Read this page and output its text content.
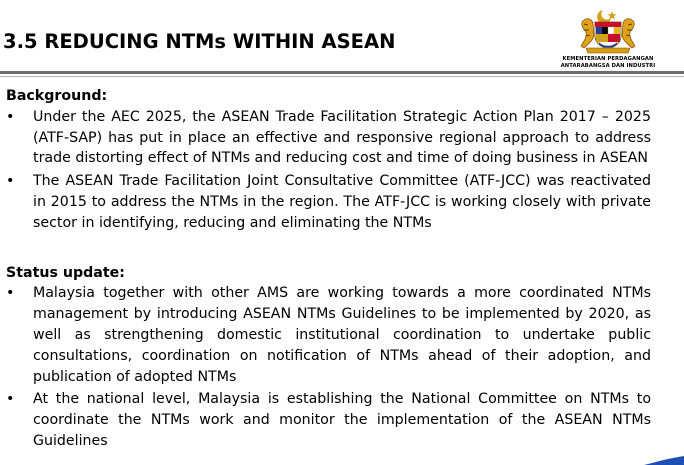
3.5 REDUCING NTMs WITHIN ASEAN
KEMENTERIAN PERDAGANGAN
ANTARABANGSA DAN INDUSTRI
Background:
• Under the AEC 2025, the ASEAN Trade Facilitation Strategic Action Plan 2017 – 2025 (ATF-SAP) has put in place an effective and responsive regional approach to address trade distorting effect of NTMs and reducing cost and time of doing business in ASEAN
• The ASEAN Trade Facilitation Joint Consultative Committee (ATF-JCC) was reactivated in 2015 to address the NTMs in the region. The ATF-JCC is working closely with private sector in identifying, reducing and eliminating the NTMs
Status update:
• Malaysia together with other AMS are working towards a more coordinated NTMs management by introducing ASEAN NTMs Guidelines to be implemented by 2020, as well as strengthening domestic institutional coordination to undertake public consultations, coordination on notification of NTMs ahead of their adoption, and publication of adopted NTMs
• At the national level, Malaysia is establishing the National Committee on NTMs to coordinate the NTMs work and monitor the implementation of the ASEAN NTMs Guidelines
